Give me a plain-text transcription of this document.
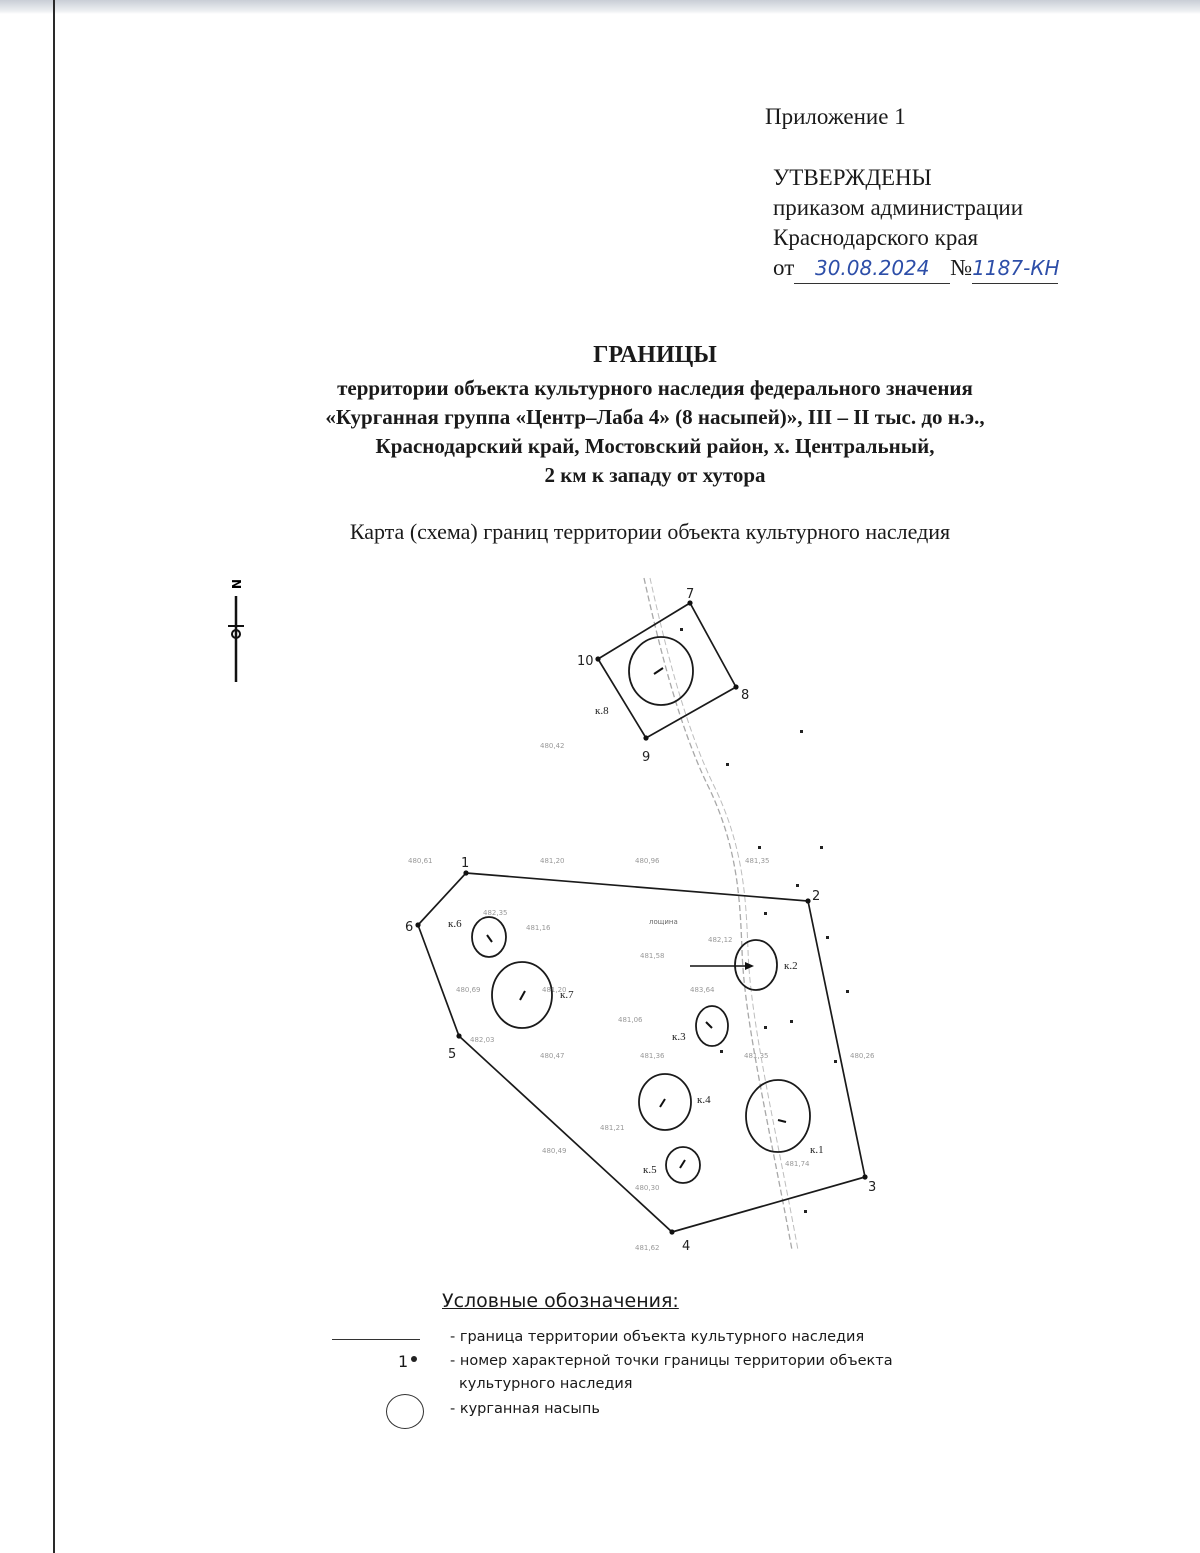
Приложение 1
УТВЕРЖДЕНЫ
приказом администрации
Краснодарского края
от 30.08.2024 №1187-КН
ГРАНИЦЫ
территории объекта культурного наследия федерального значения
«Курганная группа «Центр–Лаба 4» (8 насыпей)», III – II тыс. до н.э.,
Краснодарский край, Мостовский район, х. Центральный,
2 км к западу от хутора
Карта (схема) границ территории объекта культурного наследия
N
480,61	481,20	480,96	481,35
482,35
481,16
482,12
481,58
480,69	481,20	483,64
481,06
482,03
480,47	481,36	481,35	480,26
481,21
480,49
481,74
480,30
481,62
480,42
1
2
3
4
5
6
7
8
9
10
к.1
к.2
к.3
к.4
к.5
к.6
к.7
к.8
лощина
Условные обозначения:
- граница территории объекта культурного наследия
1	- номер характерной точки границы территории объекта
культурного наследия
- курганная насыпь
